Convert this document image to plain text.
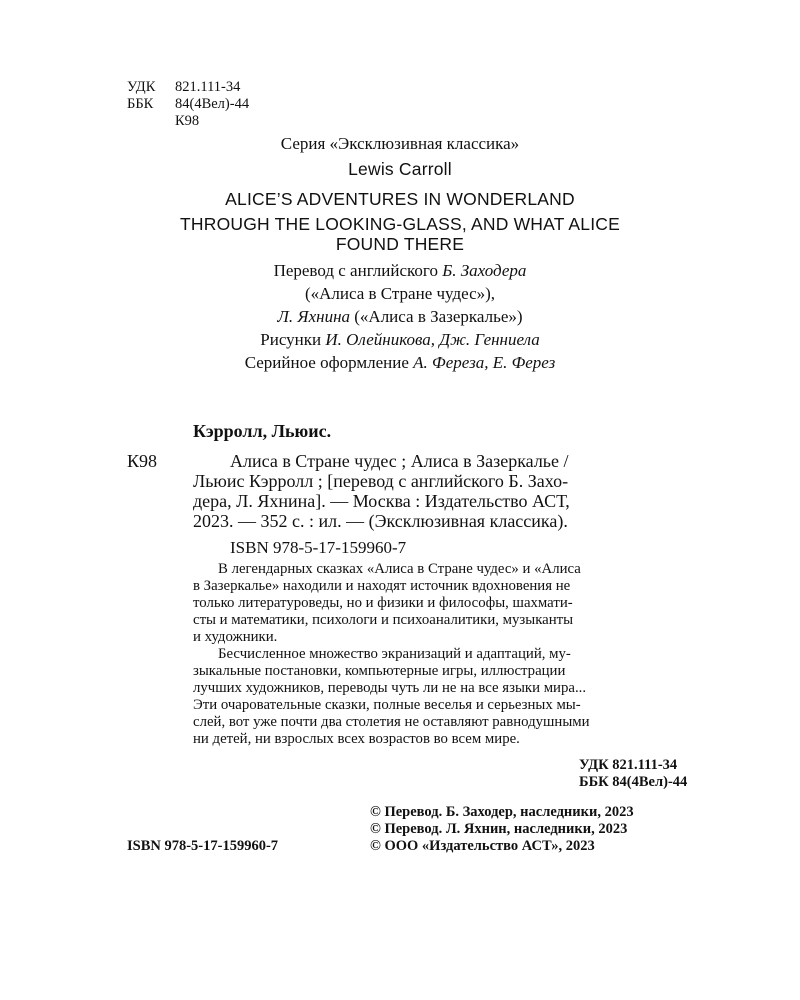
УДК 821.111-34
ББК 84(4Вел)-44
К98
Серия «Эксклюзивная классика»
Lewis Carroll
ALICE’S ADVENTURES IN WONDERLAND
THROUGH THE LOOKING-GLASS, AND WHAT ALICE
FOUND THERE
Перевод с английского Б. Заходера
(«Алиса в Стране чудес»),
Л. Яхнина («Алиса в Зазеркалье»)
Рисунки И. Олейникова, Дж. Генниела
Серийное оформление А. Фереза, Е. Ферез
Кэрролл, Льюис.
К98	Алиса в Стране чудес ; Алиса в Зазеркалье /
Льюис Кэрролл ; [перевод с английского Б. Захо-
дера, Л. Яхнина]. — Москва : Издательство АСТ,
2023. — 352 с. : ил. — (Эксклюзивная классика).
ISBN 978-5-17-159960-7
В легендарных сказках «Алиса в Стране чудес» и «Алиса
в Зазеркалье» находили и находят источник вдохновения не
только литературоведы, но и физики и философы, шахмати-
сты и математики, психологи и психоаналитики, музыканты
и художники.
Бесчисленное множество экранизаций и адаптаций, му-
зыкальные постановки, компьютерные игры, иллюстрации
лучших художников, переводы чуть ли не на все языки мира...
Эти очаровательные сказки, полные веселья и серьезных мы-
слей, вот уже почти два столетия не оставляют равнодушными
ни детей, ни взрослых всех возрастов во всем мире.
УДК 821.111-34
ББК 84(4Вел)-44
ISBN 978-5-17-159960-7
© Перевод. Б. Заходер, наследники, 2023
© Перевод. Л. Яхнин, наследники, 2023
© ООО «Издательство АСТ», 2023
